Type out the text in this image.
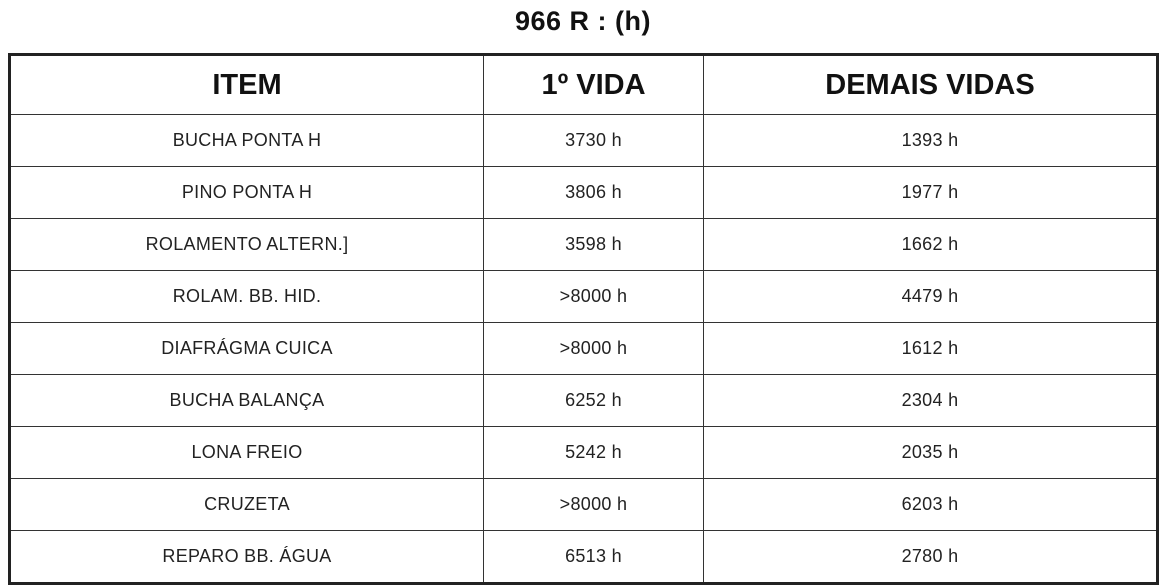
966 R : (h)
ITEM	1º VIDA	DEMAIS VIDAS
BUCHA PONTA H	3730 h	1393 h
PINO PONTA H	3806 h	1977 h
ROLAMENTO ALTERN.]	3598 h	1662 h
ROLAM. BB. HID.	>8000 h	4479 h
DIAFRÁGMA CUICA	>8000 h	1612 h
BUCHA BALANÇA	6252 h	2304 h
LONA FREIO	5242 h	2035 h
CRUZETA	>8000 h	6203 h
REPARO BB. ÁGUA	6513 h	2780 h
